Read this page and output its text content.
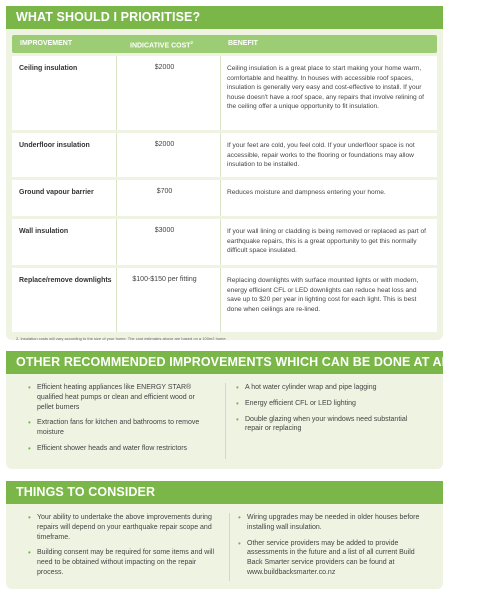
WHAT SHOULD I PRIORITISE?
IMPROVEMENT	INDICATIVE COST$^2$	BENEFIT
Ceiling insulation	$2000	Ceiling insulation is a great place to start making your home warm, comfortable and healthy. In houses with accessible roof spaces, insulation is generally very easy and cost-effective to install. If your house doesn't have a roof space, any repairs that involve relining of the ceiling offer a unique opportunity to fit insulation.
Underfloor insulation	$2000	If your feet are cold, you feel cold. If your underfloor space is not accessible, repair works to the flooring or foundations may allow insulation to be installed.
Ground vapour barrier	$700	Reduces moisture and dampness entering your home.
Wall insulation	$3000	If your wall lining or cladding is being removed or replaced as part of earthquake repairs, this is a great opportunity to get this normally difficult space insulated.
Replace/remove downlights	$100-$150 per fitting	Replacing downlights with surface mounted lights or with modern, energy efficient CFL or LED downlights can reduce heat loss and save up to $20 per year in lighting cost for each light. This is best done when ceilings are re-lined.
2. Insulation costs will vary according to the size of your home. The cost estimates above are based on a 100m2 home.
OTHER RECOMMENDED IMPROVEMENTS WHICH CAN BE DONE AT ANY TIME
• Efficient heating appliances like ENERGY STAR® qualified heat pumps or clean and efficient wood or pellet burners
• Extraction fans for kitchen and bathrooms to remove moisture
• Efficient shower heads and water flow restrictors
• A hot water cylinder wrap and pipe lagging
• Energy efficient CFL or LED lighting
• Double glazing when your windows need substantial repair or replacing
THINGS TO CONSIDER
• Your ability to undertake the above improvements during repairs will depend on your earthquake repair scope and timeframe.
• Building consent may be required for some items and will need to be obtained without impacting on the repair process.
• Wiring upgrades may be needed in older houses before installing wall insulation.
• Other service providers may be added to provide assessments in the future and a list of all current Build Back Smarter service providers can be found at www.buildbacksmarter.co.nz
